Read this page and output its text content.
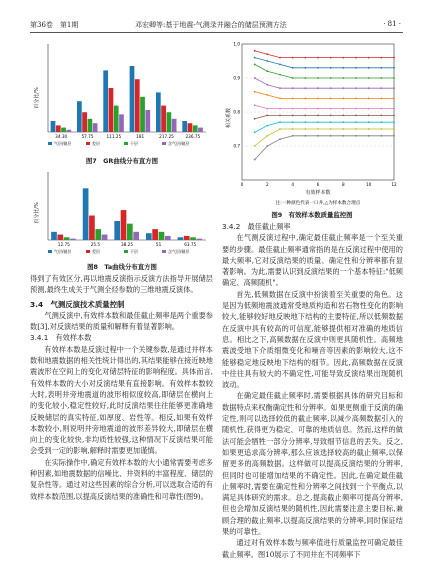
第36卷　第1期	邓宏卿等:基于地震-气测录井融合的储层预测方法	· 81 ·
百分比/%
34.30	57.75	111.25	181	217.25	236.75
气层/储层	差层	干层	含气层/储层
图7　GR曲线分布直方图
百分比/%
12.75	25.5	38.25	51	63.75
气层/储层	差层	干层	含气层/储层
图8　Ta曲线分布直方图

得到了有效区分,再以地震反演指示反演方法指导开展储层预测,最终生成关于气测全烃参数的三维地震反演体。

3.4　气测反演技术质量控制

气测反演中,有效样本数和最佳截止频率是两个重要参数[3],对反演结果的质量和解释有着显著影响。

3.4.1　有效样本数

有效样本数是反演过程中一个关键参数,是通过井样本数和地震数据的相关性统计得出的,其结果能够在接近映地震波形在空间上的变化对储层特征的影响程度。具体而言,有效样本数的大小对反演结果有直接影响。有效样本数较大时,表明井旁地震道的波形相似度较高,即储层在横向上的变化较小,稳定性较好,此时反演结果往往能够更准确地反映储层的真实特征,如厚度、岩性等。相反,如果有效样本数较小,则说明井旁地震道的波形差异较大,即储层在横向上的变化较快,非均质性较强,这种情况下反演结果可能会受到一定的影响,解释时需要更加谨慎。

在实际操作中,确定有效样本数的大小通常需要考虑多种因素,如地震数据的信噪比、井资料的丰富程度、储层的复杂性等。通过对这些因素的综合分析,可以选取合适的有效样本数范围,以提高反演结果的准确性和可靠性(图9)。

相关系数
0	2	4	6	8	10	12
0.7
0.8
0.9
1.0
有效样本数
注:一种颜色代表一口井,△为样本数合理点
图9　有效样本数质量监控图
3.4.2　最佳截止频率

在气测反演过程中,确定最佳截止频率是一个至关重要的步骤。最佳截止频率通常指的是在反演过程中使用的最大频率,它对反演结果的质量、确定性和分辨率都有显著影响。为此,需要认识到反演结果的一个基本特征:"低频确定、高频随机"。

首先,低频数据在反演中扮演着至关重要的角色。这是因为低频地震波通常受地质构造和岩石物性变化的影响较大,能够较好地反映地下结构的主要特征,所以低频数据在反演中具有较高的可信度,能够提供相对准确的地质信息。相比之下,高频数据在反演中则更具随机性。高频地震波受地下介质细微变化和噪音等因素的影响较大,这不能够稳定地反映地下结构的细节。因此,高频数据在反演中往往具有较大的不确定性,可能导致反演结果出现随机波动。

在确定最佳截止频率时,需要根据具体的研究目标和数据特点来权衡确定性和分辨率。如果更侧重于反演的确定性,则可以选择较低的截止频率,以减少高频数据引入的随机性,获得更为稳定、可靠的地质信息。然而,这样的做法可能会牺牲一部分分辨率,导致细节信息的丢失。反之,如果更追求高分辨率,那么应该选择较高的截止频率,以保留更多的高频数据。这样做可以提高反演结果的分辨率,但同时也可能增加结果的不确定性。因此,在确定最佳截止频率时,需要在确定性和分辨率之间找到一个平衡点,以满足具体研究的需求。总之,提高截止频率可提高分辨率,但也会增加反演结果的随机性,因此需要注意主要目标,兼顾合理的截止频率,以提高反演结果的分辨率,同时保证结果的可靠性。

通过对有效样本数与频率值进行质量监控可确定最佳截止频率。图10展示了不同井在不同频率下
